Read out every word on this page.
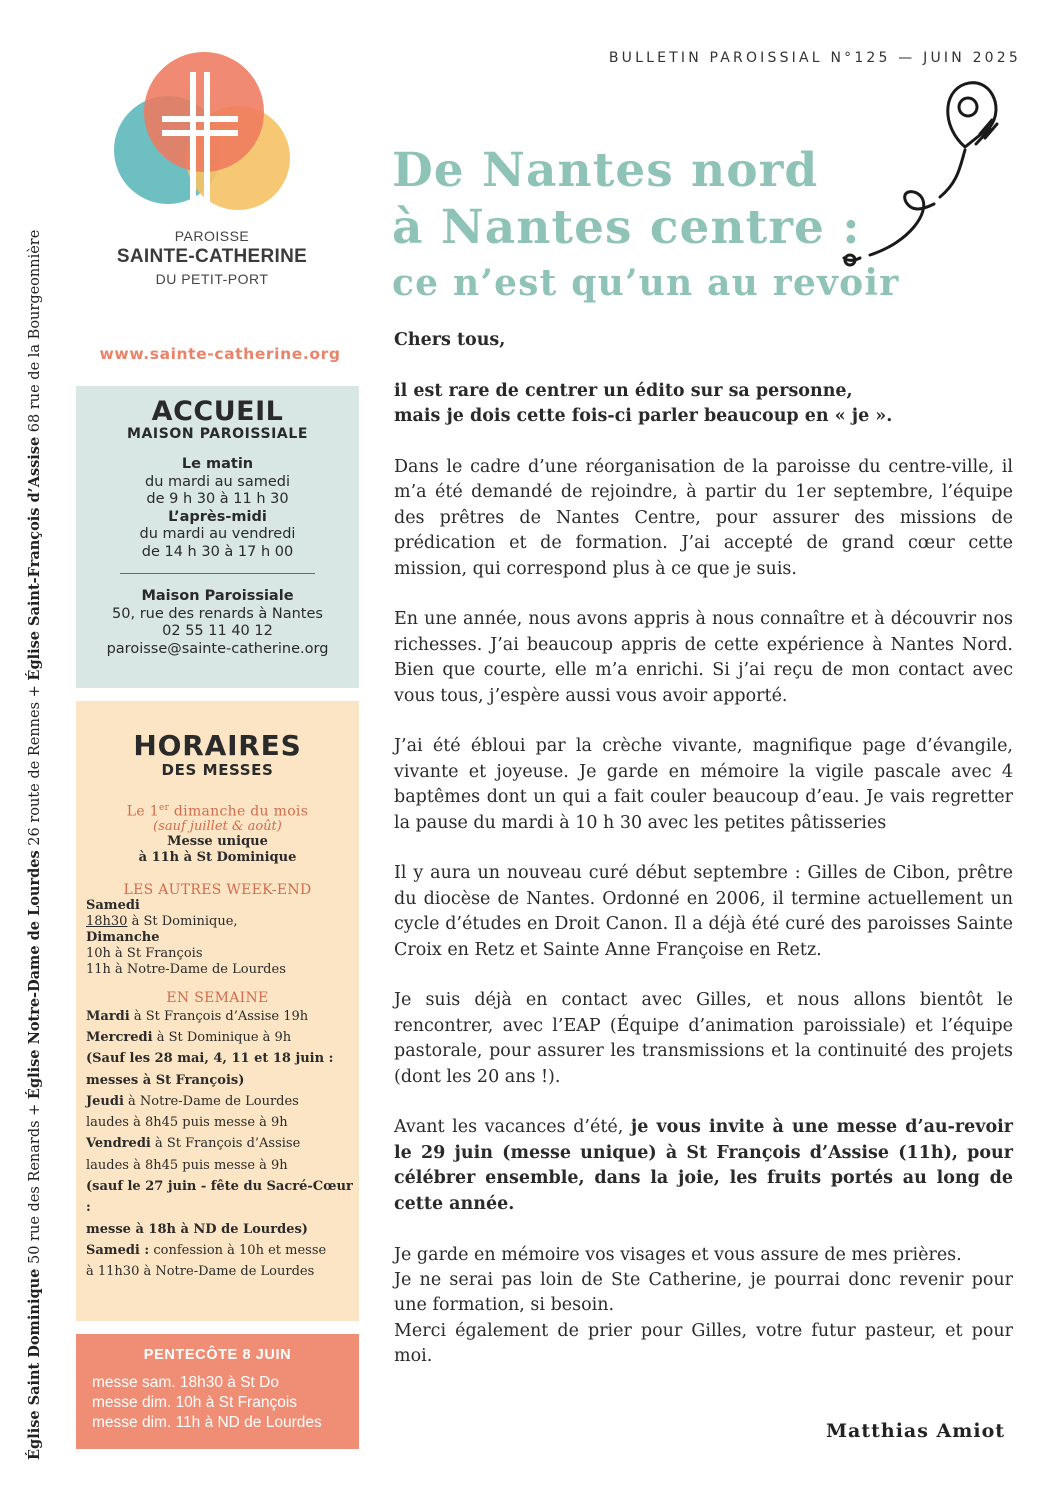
Église Saint Dominique 50 rue des Renards + Église Notre-Dame de Lourdes 26 route de Rennes + Église Saint-François d’Assise 68 rue de la Bourgeonnière
BULLETIN PAROISSIAL N°125 — JUIN 2025
PAROISSE
SAINTE-CATHERINE
DU PETIT-PORT
www.sainte-catherine.org
De Nantes nord
à Nantes centre :
ce n’est qu’un au revoir
ACCUEIL
MAISON PAROISSIALE
Le matin
du mardi au samedi
de 9 h 30 à 11 h 30
L’après-midi
du mardi au vendredi
de 14 h 30 à 17 h 00
Maison Paroissiale
50, rue des renards à Nantes
02 55 11 40 12
paroisse@sainte-catherine.org
HORAIRES
DES MESSES
Le 1er dimanche du mois
(sauf juillet & août)
Messe unique
à 11h à St Dominique
LES AUTRES WEEK-END
Samedi
18h30 à St Dominique,
Dimanche
10h à St François
11h à Notre-Dame de Lourdes
EN SEMAINE
Mardi à St François d’Assise 19h
Mercredi à St Dominique à 9h
(Sauf les 28 mai, 4, 11 et 18 juin :
messes à St François)
Jeudi à Notre-Dame de Lourdes
laudes à 8h45 puis messe à 9h
Vendredi à St François d’Assise
laudes à 8h45 puis messe à 9h
(sauf le 27 juin - fête du Sacré-Cœur :
messe à 18h à ND de Lourdes)
Samedi : confession à 10h et messe
à 11h30 à Notre-Dame de Lourdes
PENTECÔTE 8 JUIN
messe sam. 18h30 à St Do
messe dim. 10h à St François
messe dim. 11h à ND de Lourdes

Chers tous,

il est rare de centrer un édito sur sa personne,
mais je dois cette fois-ci parler beaucoup en « je ».

Dans le cadre d’une réorganisation de la paroisse du centre-ville, il m’a été demandé de rejoindre, à partir du 1er septembre, l’équipe des prêtres de Nantes Centre, pour assurer des missions de prédication et de formation. J’ai accepté de grand cœur cette mission, qui correspond plus à ce que je suis.

En une année, nous avons appris à nous connaître et à découvrir nos richesses. J’ai beaucoup appris de cette expérience à Nantes Nord. Bien que courte, elle m’a enrichi. Si j’ai reçu de mon contact avec vous tous, j’espère aussi vous avoir apporté.

J’ai été ébloui par la crèche vivante, magnifique page d’évangile, vivante et joyeuse. Je garde en mémoire la vigile pascale avec 4 baptêmes dont un qui a fait couler beaucoup d’eau. Je vais regretter la pause du mardi à 10 h 30 avec les petites pâtisseries

Il y aura un nouveau curé début septembre : Gilles de Cibon, prêtre du diocèse de Nantes. Ordonné en 2006, il termine actuellement un cycle d’études en Droit Canon. Il a déjà été curé des paroisses Sainte Croix en Retz et Sainte Anne Françoise en Retz.

Je suis déjà en contact avec Gilles, et nous allons bientôt le rencontrer, avec l’EAP (Équipe d’animation paroissiale) et l’équipe pastorale, pour assurer les transmissions et la continuité des projets (dont les 20 ans !).

Avant les vacances d’été, je vous invite à une messe d’au-revoir le 29 juin (messe unique) à St François d’Assise (11h), pour célébrer ensemble, dans la joie, les fruits portés au long de cette année.

Je garde en mémoire vos visages et vous assure de mes prières.
Je ne serai pas loin de Ste Catherine, je pourrai donc revenir pour une formation, si besoin.
Merci également de prier pour Gilles, votre futur pasteur, et pour moi.

Matthias Amiot
